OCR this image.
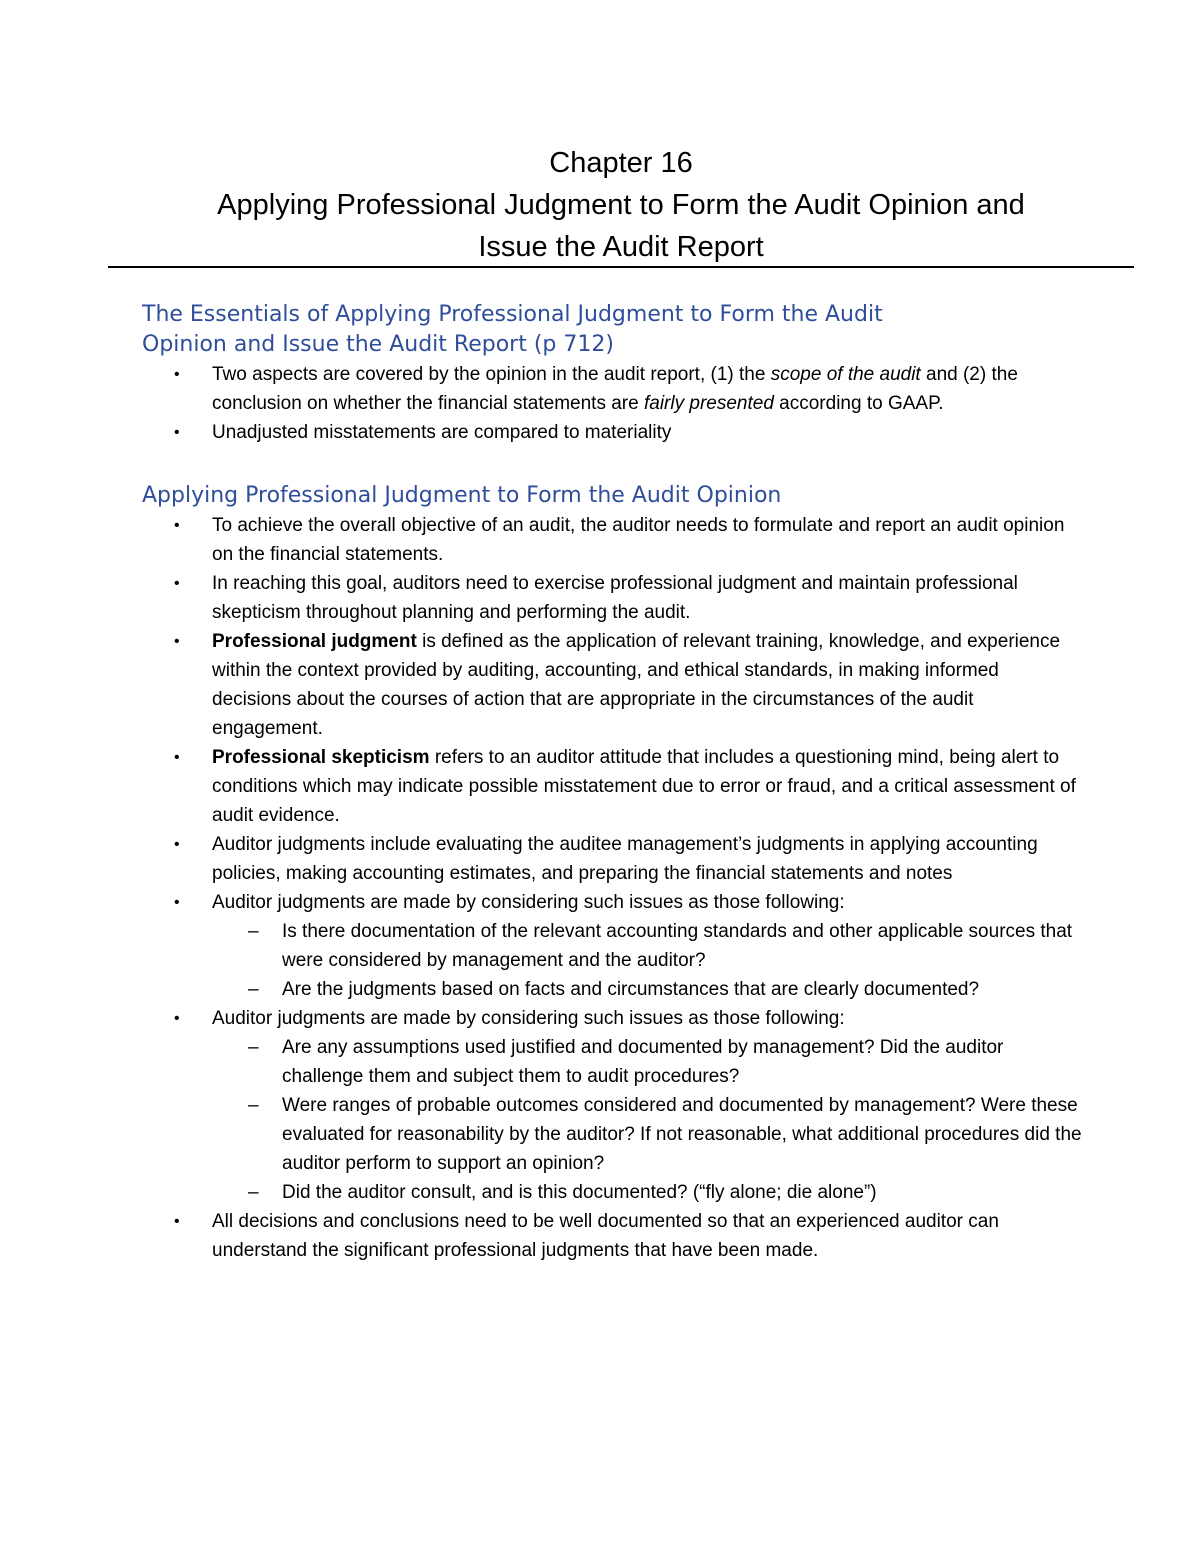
Chapter 16

Applying Professional Judgment to Form the Audit Opinion and

Issue the Audit Report

The Essentials of Applying Professional Judgment to Form the Audit
Opinion and Issue the Audit Report (p 712)
• Two aspects are covered by the opinion in the audit report, (1) the scope of the audit and (2) the conclusion on whether the financial statements are fairly presented according to GAAP.
• Unadjusted misstatements are compared to materiality
Applying Professional Judgment to Form the Audit Opinion
• To achieve the overall objective of an audit, the auditor needs to formulate and report an audit opinion on the financial statements.
• In reaching this goal, auditors need to exercise professional judgment and maintain professional skepticism throughout planning and performing the audit.
• Professional judgment is defined as the application of relevant training, knowledge, and experience within the context provided by auditing, accounting, and ethical standards, in making informed decisions about the courses of action that are appropriate in the circumstances of the audit engagement.
• Professional skepticism refers to an auditor attitude that includes a questioning mind, being alert to conditions which may indicate possible misstatement due to error or fraud, and a critical assessment of audit evidence.
• Auditor judgments include evaluating the auditee management’s judgments in applying accounting policies, making accounting estimates, and preparing the financial statements and notes
• Auditor judgments are made by considering such issues as those following:
– Is there documentation of the relevant accounting standards and other applicable sources that were considered by management and the auditor?
– Are the judgments based on facts and circumstances that are clearly documented?
• Auditor judgments are made by considering such issues as those following:
– Are any assumptions used justified and documented by management? Did the auditor challenge them and subject them to audit procedures?
– Were ranges of probable outcomes considered and documented by management? Were these evaluated for reasonability by the auditor? If not reasonable, what additional procedures did the auditor perform to support an opinion?
– Did the auditor consult, and is this documented? (“fly alone; die alone”)
• All decisions and conclusions need to be well documented so that an experienced auditor can understand the significant professional judgments that have been made.
